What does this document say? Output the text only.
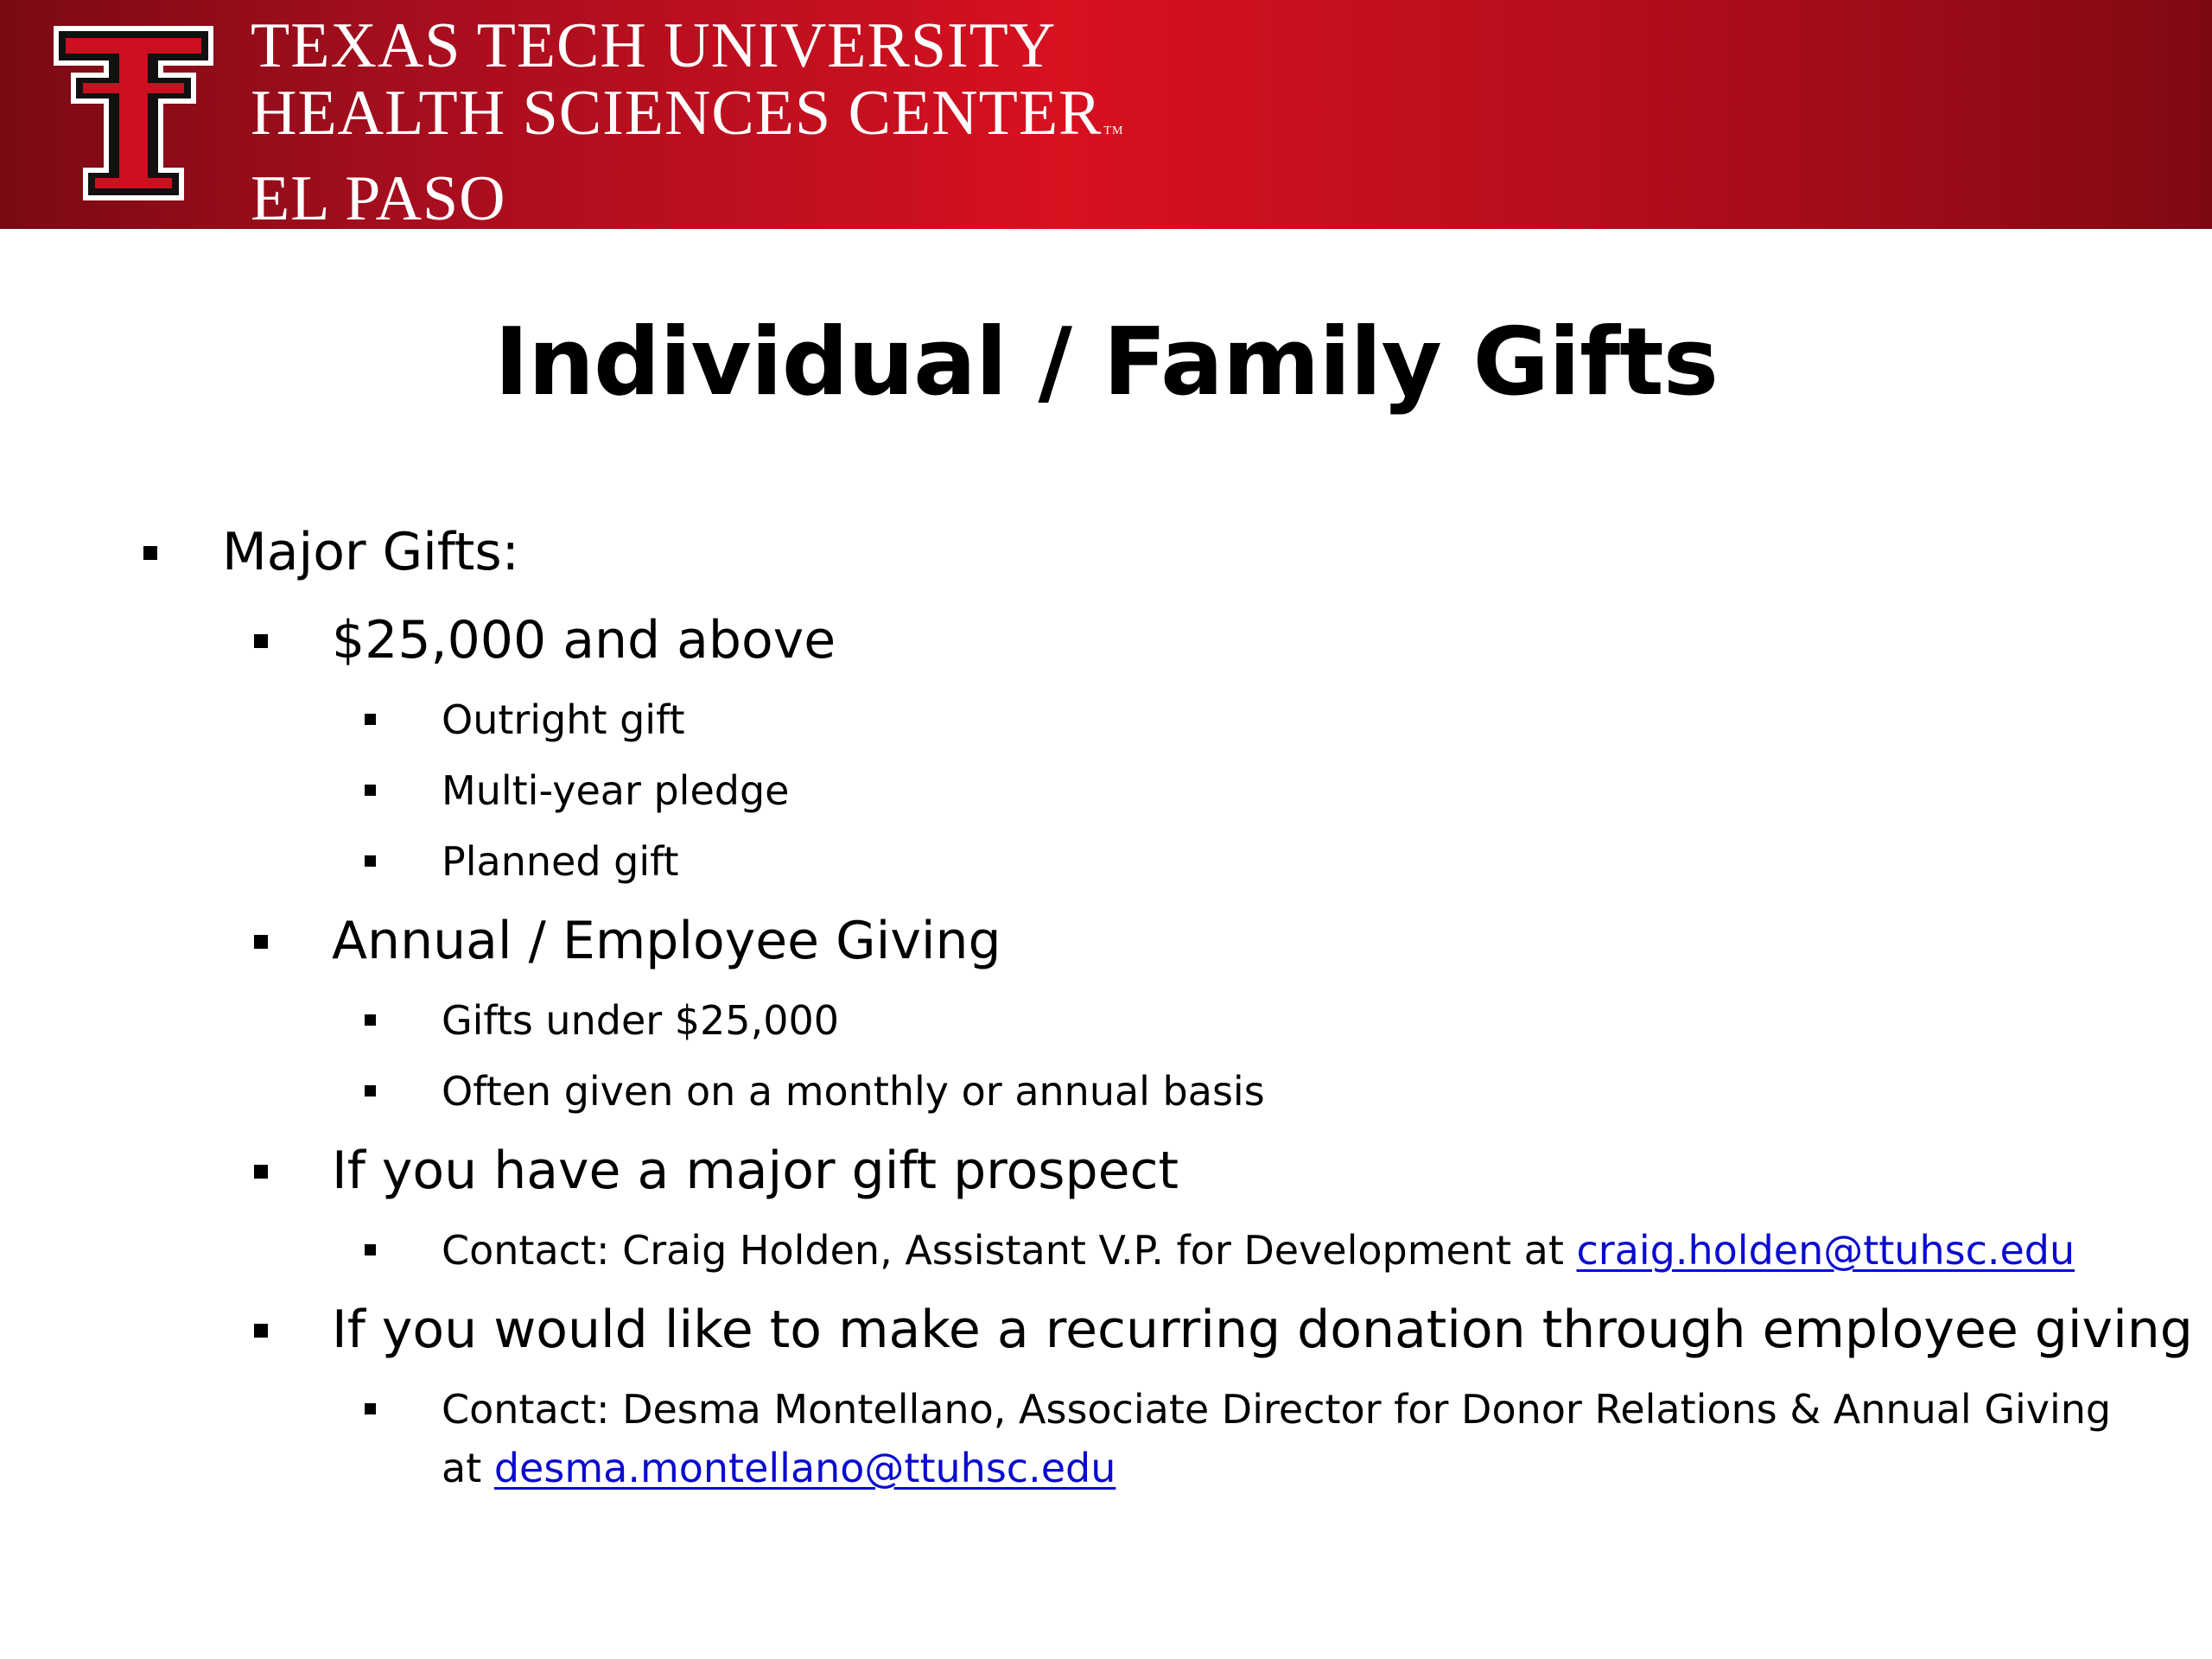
TEXAS TECH UNIVERSITY
HEALTH SCIENCES CENTER TM
EL PASO
Individual / Family Gifts
Major Gifts:
$25,000 and above
Outright gift
Multi-year pledge
Planned gift
Annual / Employee Giving
Gifts under $25,000
Often given on a monthly or annual basis
If you have a major gift prospect
Contact: Craig Holden, Assistant V.P. for Development at craig.holden@ttuhsc.edu
If you would like to make a recurring donation through employee giving
Contact: Desma Montellano, Associate Director for Donor Relations & Annual Giving
at desma.montellano@ttuhsc.edu
